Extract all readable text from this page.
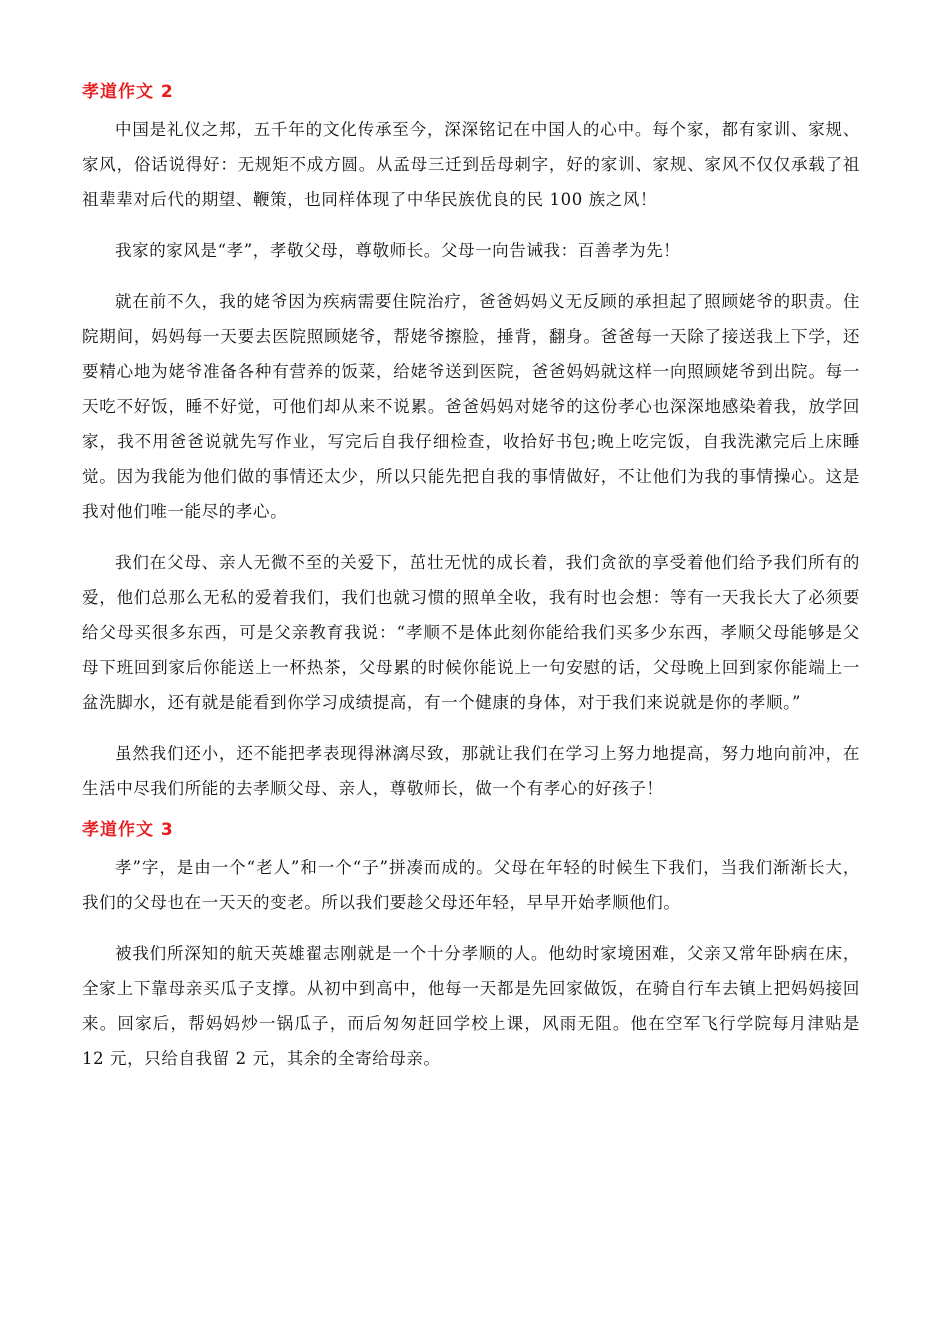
孝道作文 2

中国是礼仪之邦，五千年的文化传承至今，深深铭记在中国人的心中。每个家，都有家训、家规、家风，俗话说得好：无规矩不成方圆。从孟母三迁到岳母刺字，好的家训、家规、家风不仅仅承载了祖祖辈辈对后代的期望、鞭策，也同样体现了中华民族优良的民 100 族之风！

我家的家风是“孝”，孝敬父母，尊敬师长。父母一向告诫我：百善孝为先！

就在前不久，我的姥爷因为疾病需要住院治疗，爸爸妈妈义无反顾的承担起了照顾姥爷的职责。住院期间，妈妈每一天要去医院照顾姥爷，帮姥爷擦脸，捶背，翻身。爸爸每一天除了接送我上下学，还要精心地为姥爷准备各种有营养的饭菜，给姥爷送到医院，爸爸妈妈就这样一向照顾姥爷到出院。每一天吃不好饭，睡不好觉，可他们却从来不说累。爸爸妈妈对姥爷的这份孝心也深深地感染着我，放学回家，我不用爸爸说就先写作业，写完后自我仔细检查，收拾好书包;晚上吃完饭，自我洗漱完后上床睡觉。因为我能为他们做的事情还太少，所以只能先把自我的事情做好，不让他们为我的事情操心。这是我对他们唯一能尽的孝心。

我们在父母、亲人无微不至的关爱下，茁壮无忧的成长着，我们贪欲的享受着他们给予我们所有的爱，他们总那么无私的爱着我们，我们也就习惯的照单全收，我有时也会想：等有一天我长大了必须要给父母买很多东西，可是父亲教育我说：“孝顺不是体此刻你能给我们买多少东西，孝顺父母能够是父母下班回到家后你能送上一杯热茶，父母累的时候你能说上一句安慰的话，父母晚上回到家你能端上一盆洗脚水，还有就是能看到你学习成绩提高，有一个健康的身体，对于我们来说就是你的孝顺。”

虽然我们还小，还不能把孝表现得淋漓尽致，那就让我们在学习上努力地提高，努力地向前冲，在生活中尽我们所能的去孝顺父母、亲人，尊敬师长，做一个有孝心的好孩子！

孝道作文 3

孝”字，是由一个“老人”和一个“子”拼凑而成的。父母在年轻的时候生下我们，当我们渐渐长大，我们的父母也在一天天的变老。所以我们要趁父母还年轻，早早开始孝顺他们。

被我们所深知的航天英雄翟志刚就是一个十分孝顺的人。他幼时家境困难，父亲又常年卧病在床，全家上下靠母亲买瓜子支撑。从初中到高中，他每一天都是先回家做饭，在骑自行车去镇上把妈妈接回来。回家后，帮妈妈炒一锅瓜子，而后匆匆赶回学校上课，风雨无阻。他在空军飞行学院每月津贴是 12 元，只给自我留 2 元，其余的全寄给母亲。
